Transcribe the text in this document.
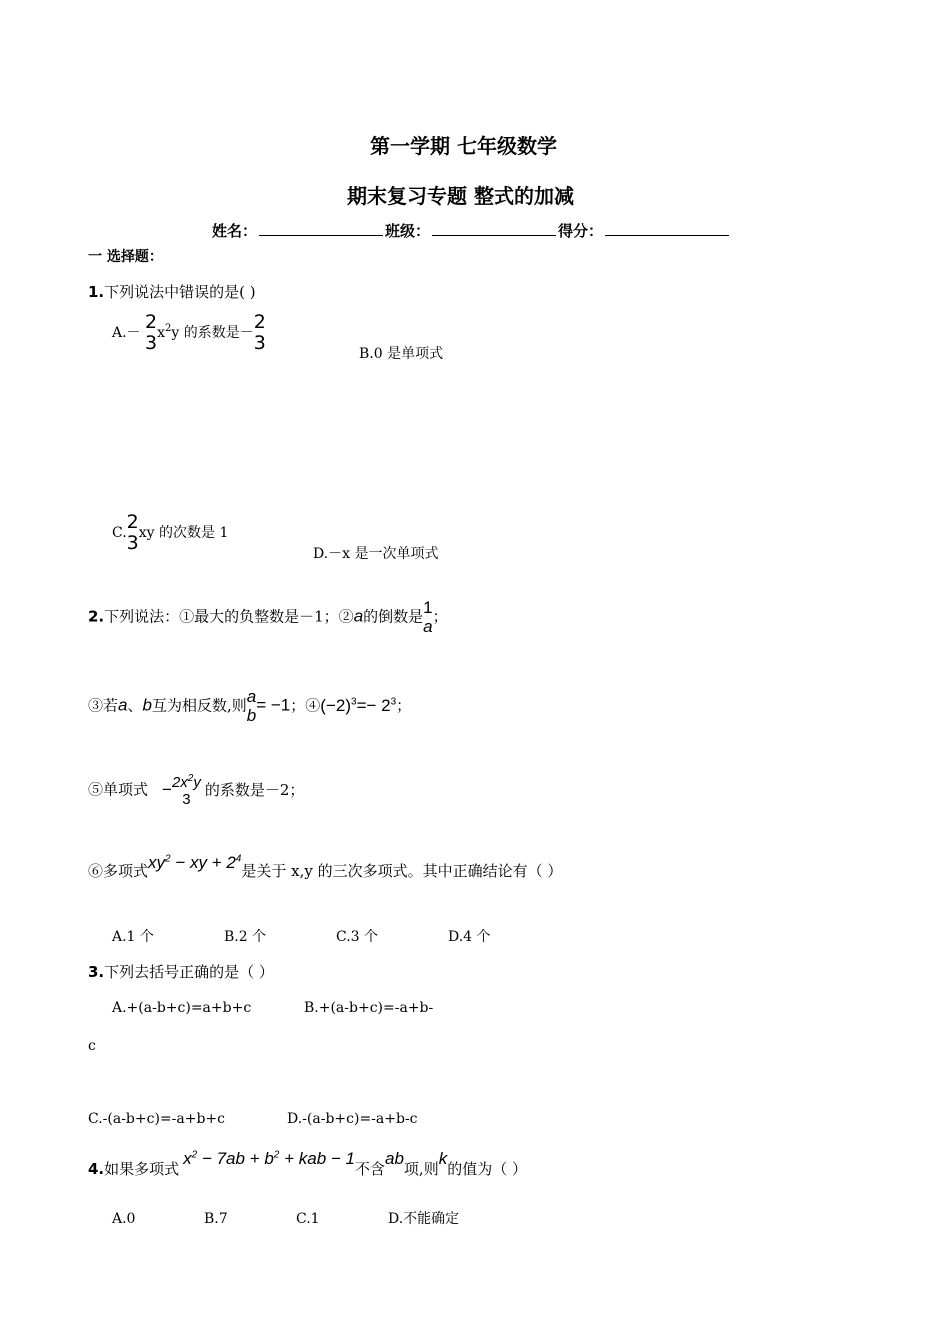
第一学期 七年级数学
期末复习专题 整式的加减
姓名：	班级：	得分：
一 选择题：
1.下列说法中错误的是( )
A.－ 2
3 $x^2y$ 的系数是－ 2
3
B.0 是单项式
C. 2
3 xy 的次数是 1
D.－x 是一次单项式
2.下列说法：①最大的负整数是－1；②a的倒数是 1
a ；
③若a、b互为相反数,则 a
b
= −1；$④(-2)^3=- 2^3$；
⑤单项式 − $2x^2y$
3
的系数是－2；
⑥多项式$xy^2$ − xy + $2^4$是关于 x,y 的三次多项式。其中正确结论有（ ）
A.1 个	B.2 个	C.3 个	D.4 个
3.下列去括号正确的是（ ）
A.+(a-b+c)=a+b+c	B.+(a-b+c)=-a+b-
c
C.-(a-b+c)=-a+b+c	D.-(a-b+c)=-a+b-c
4.如果多项式$x^2 - 7ab + b^2$ + kab − 1不含ab项,则k的值为（ ）
A.0	B.7	C.1	D.不能确定
